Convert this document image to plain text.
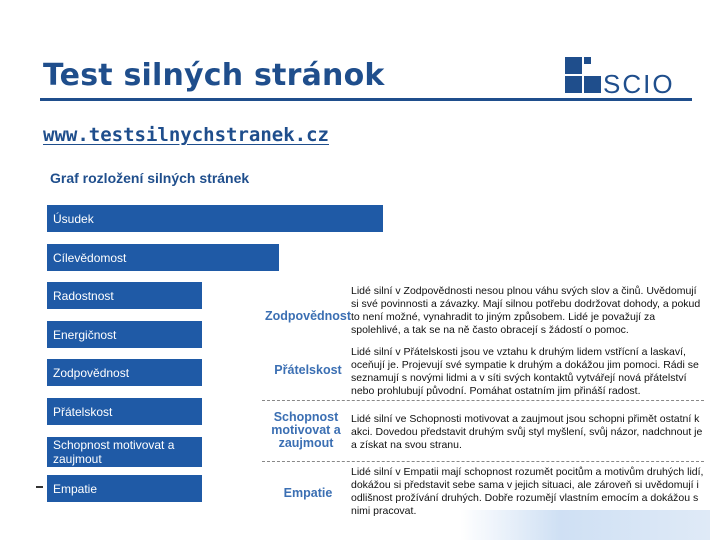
Test silných stránok	SCIO
www.testsilnychstranek.cz
Graf rozložení silných stránek
Úsudek
Cílevědomost
Radostnost
Energičnost
Zodpovědnost
Přátelskost
Schopnost motivovat a zaujmout
Empatie
Zodpovědnost
Lidé silní v Zodpovědnosti nesou plnou váhu svých slov a činů. Uvědomují si své povinnosti a závazky. Mají silnou potřebu dodržovat dohody, a pokud to není možné, vynahradit to jiným způsobem. Lidé je považují za spolehlivé, a tak se na ně často obracejí s žádostí o pomoc.
Přátelskost
Lidé silní v Přátelskosti jsou ve vztahu k druhým lidem vstřícní a laskaví, oceňují je. Projevují své sympatie k druhým a dokážou jim pomoci. Rádi se seznamují s novými lidmi a v síti svých kontaktů vytvářejí nová přátelství nebo prohlubují původní. Pomáhat ostatním jim přináší radost.
Schopnost motivovat a zaujmout
Lidé silní ve Schopnosti motivovat a zaujmout jsou schopni přimět ostatní k akci. Dovedou představit druhým svůj styl myšlení, svůj názor, nadchnout je a získat na svou stranu.
Empatie
Lidé silní v Empatii mají schopnost rozumět pocitům a motivům druhých lidí, dokážou si představit sebe sama v jejich situaci, ale zároveň si uvědomují i odlišnost prožívání druhých. Dobře rozumějí vlastním emocím a dokážou s nimi pracovat.
